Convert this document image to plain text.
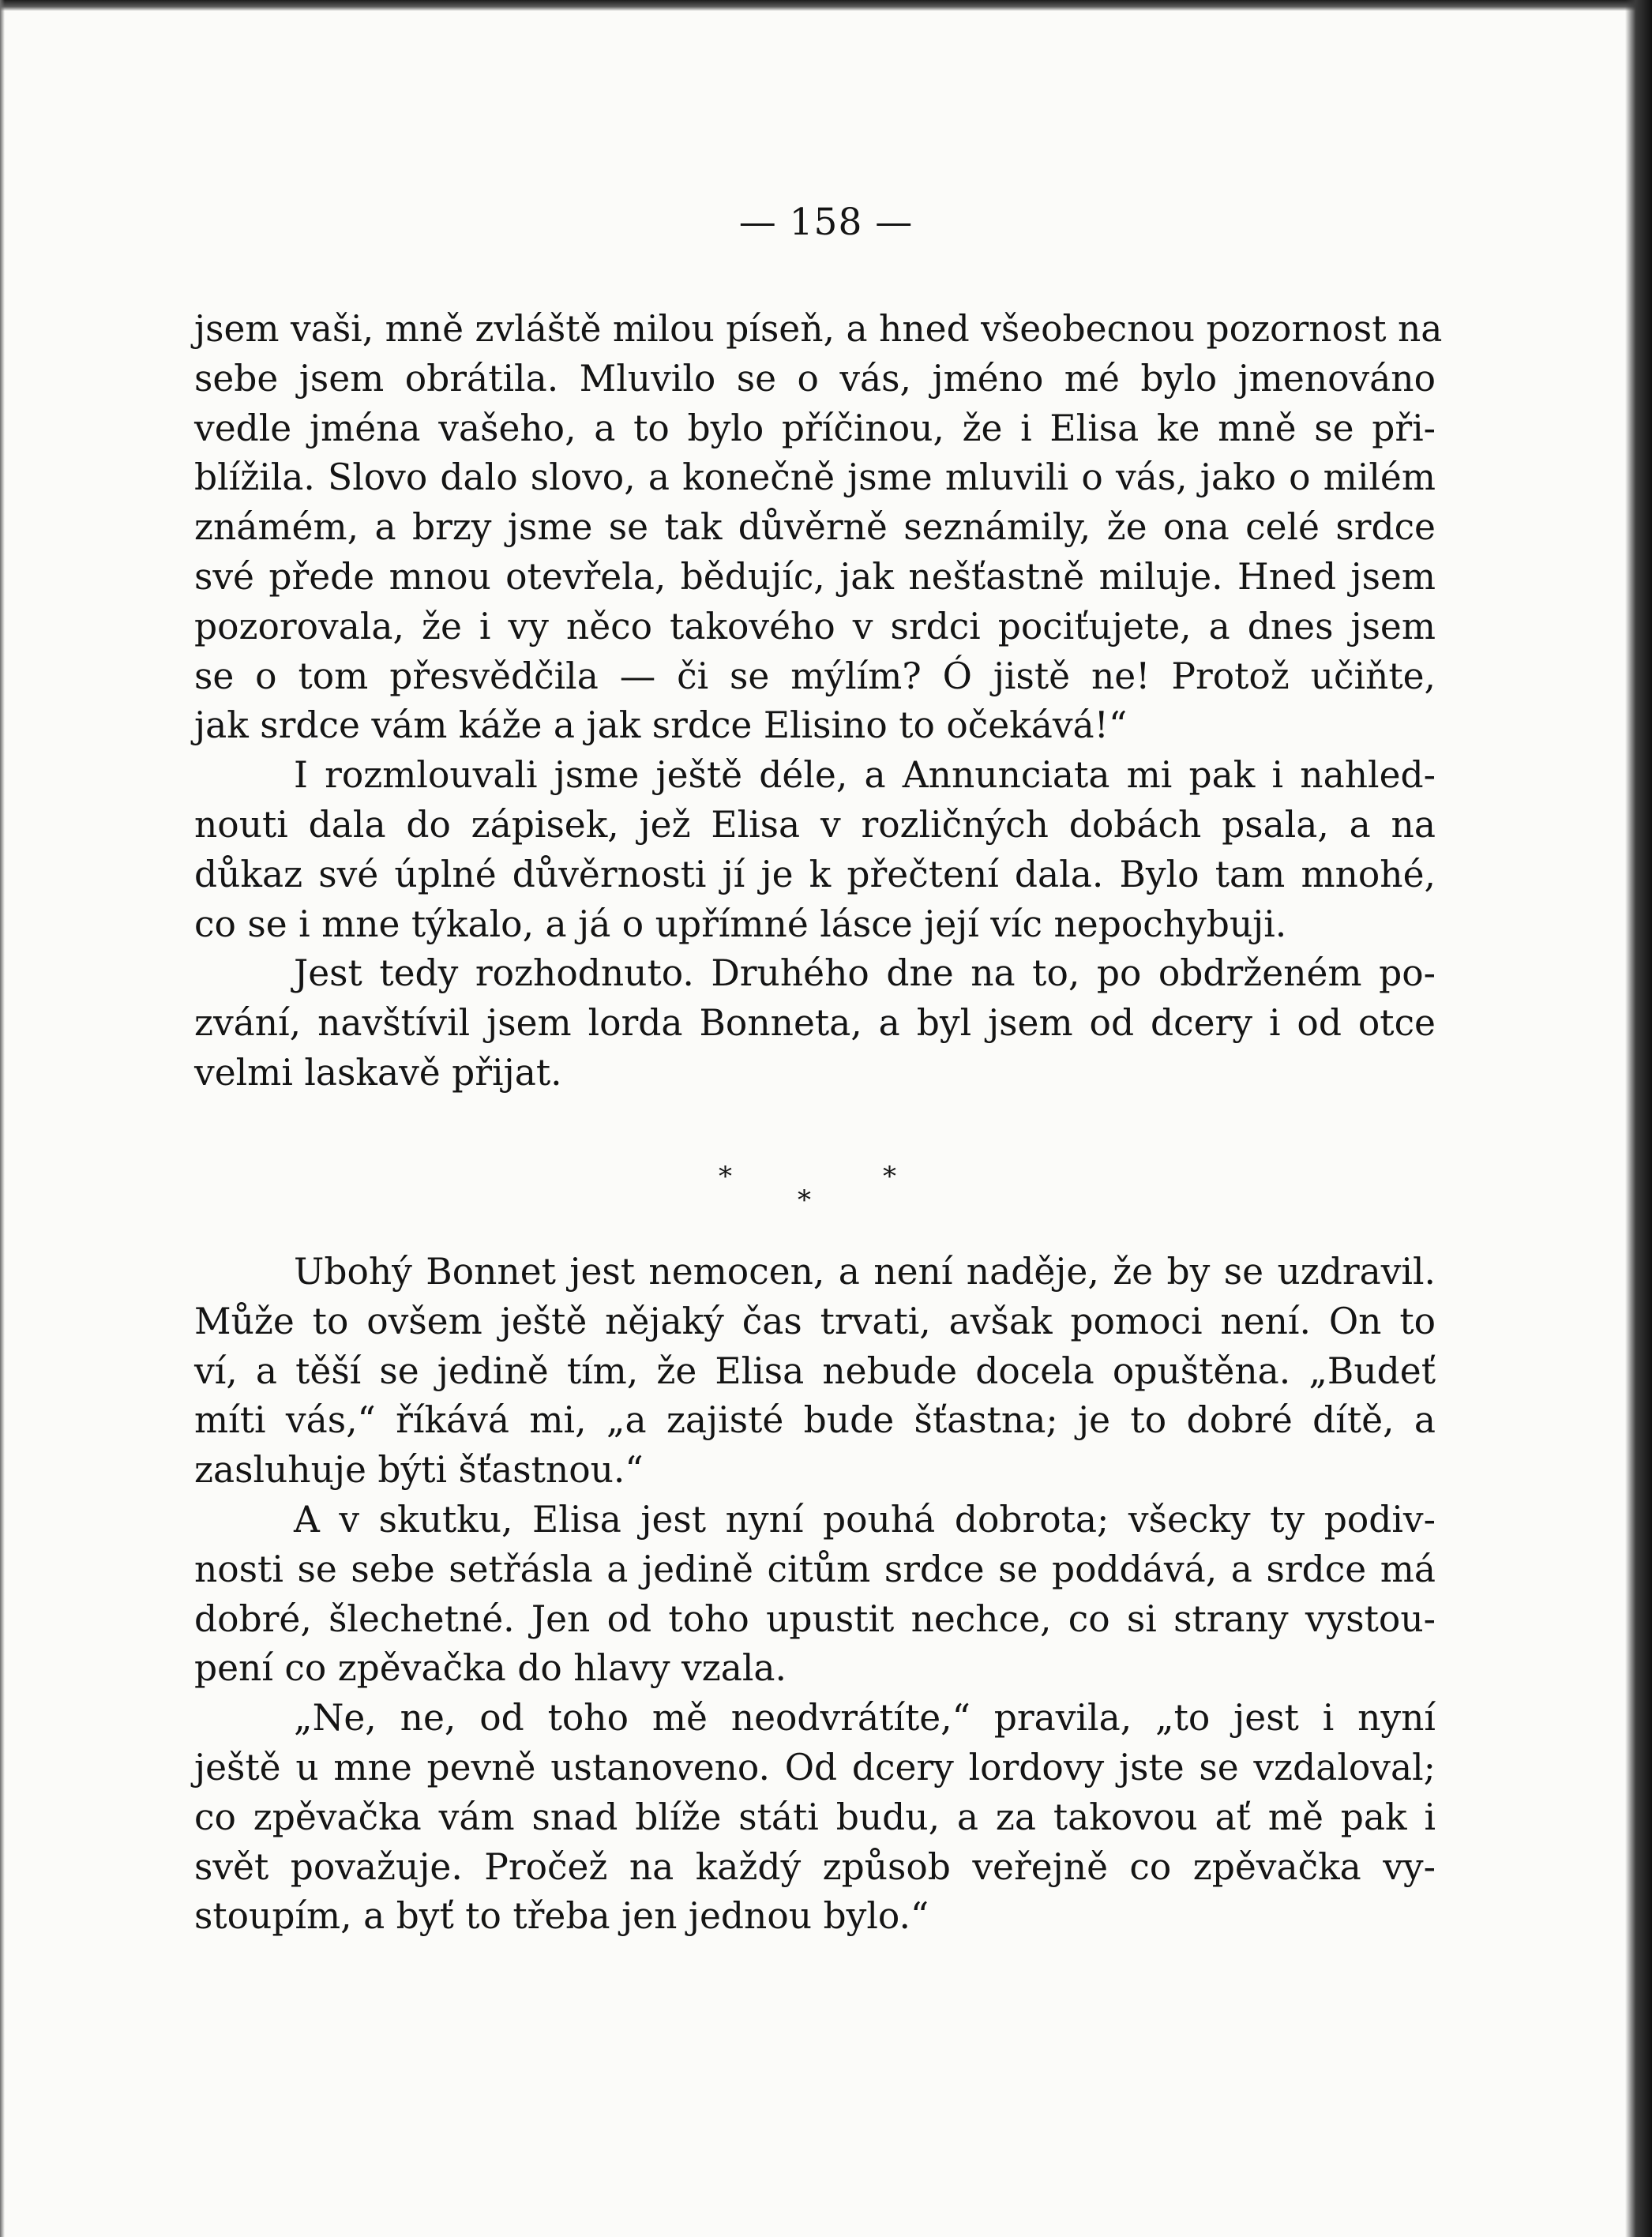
— 158 —
jsem vaši, mně zvláště milou píseň, a hned všeobecnou pozornost na
sebe jsem obrátila. Mluvilo se o vás, jméno mé bylo jmenováno
vedle jména vašeho, a to bylo příčinou, že i Elisa ke mně se při-
blížila. Slovo dalo slovo, a konečně jsme mluvili o vás, jako o milém
známém, a brzy jsme se tak důvěrně seznámily, že ona celé srdce
své přede mnou otevřela, bědujíc, jak nešťastně miluje. Hned jsem
pozorovala, že i vy něco takového v srdci pociťujete, a dnes jsem
se o tom přesvědčila — či se mýlím? Ó jistě ne! Protož učiňte,
jak srdce vám káže a jak srdce Elisino to očekává!“
I rozmlouvali jsme ještě déle, a Annunciata mi pak i nahled-
nouti dala do zápisek, jež Elisa v rozličných dobách psala, a na
důkaz své úplné důvěrnosti jí je k přečtení dala. Bylo tam mnohé,
co se i mne týkalo, a já o upřímné lásce její víc nepochybuji.
Jest tedy rozhodnuto. Druhého dne na to, po obdrženém po-
zvání, navštívil jsem lorda Bonneta, a byl jsem od dcery i od otce
velmi laskavě přijat.
*
*
*
Ubohý Bonnet jest nemocen, a není naděje, že by se uzdravil.
Může to ovšem ještě nějaký čas trvati, avšak pomoci není. On to
ví, a těší se jedině tím, že Elisa nebude docela opuštěna. „Budeť
míti vás,“ říkává mi, „a zajisté bude šťastna; je to dobré dítě, a
zasluhuje býti šťastnou.“
A v skutku, Elisa jest nyní pouhá dobrota; všecky ty podiv-
nosti se sebe setřásla a jedině citům srdce se poddává, a srdce má
dobré, šlechetné. Jen od toho upustit nechce, co si strany vystou-
pení co zpěvačka do hlavy vzala.
„Ne, ne, od toho mě neodvrátíte,“ pravila, „to jest i nyní
ještě u mne pevně ustanoveno. Od dcery lordovy jste se vzdaloval;
co zpěvačka vám snad blíže státi budu, a za takovou ať mě pak i
svět považuje. Pročež na každý způsob veřejně co zpěvačka vy-
stoupím, a byť to třeba jen jednou bylo.“
